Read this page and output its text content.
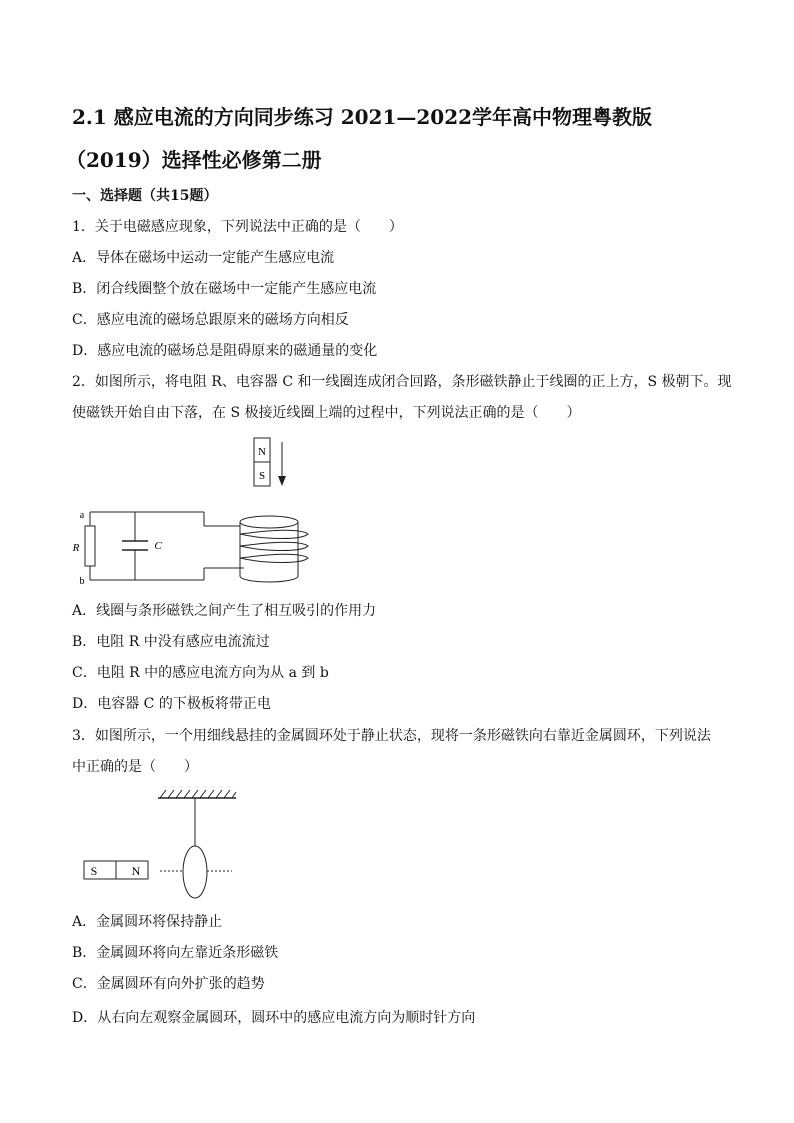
2.1 感应电流的方向同步练习 2021—2022学年高中物理粤教版
（2019）选择性必修第二册
一、选择题（共15题）
1．关于电磁感应现象，下列说法中正确的是（　　）
A．导体在磁场中运动一定能产生感应电流
B．闭合线圈整个放在磁场中一定能产生感应电流
C．感应电流的磁场总跟原来的磁场方向相反
D．感应电流的磁场总是阻碍原来的磁通量的变化
2．如图所示，将电阻 R、电容器 C 和一线圈连成闭合回路，条形磁铁静止于线圈的正上方，S 极朝下。现
使磁铁开始自由下落，在 S 极接近线圈上端的过程中，下列说法正确的是（　　）
N
S
a
b
R	C
A．线圈与条形磁铁之间产生了相互吸引的作用力
B．电阻 R 中没有感应电流流过
C．电阻 R 中的感应电流方向为从 a 到 b
D．电容器 C 的下极板将带正电
3．如图所示，一个用细线悬挂的金属圆环处于静止状态，现将一条形磁铁向右靠近金属圆环，下列说法
中正确的是（　　）
S	N
A．金属圆环将保持静止
B．金属圆环将向左靠近条形磁铁
C．金属圆环有向外扩张的趋势
D．从右向左观察金属圆环，圆环中的感应电流方向为顺时针方向
